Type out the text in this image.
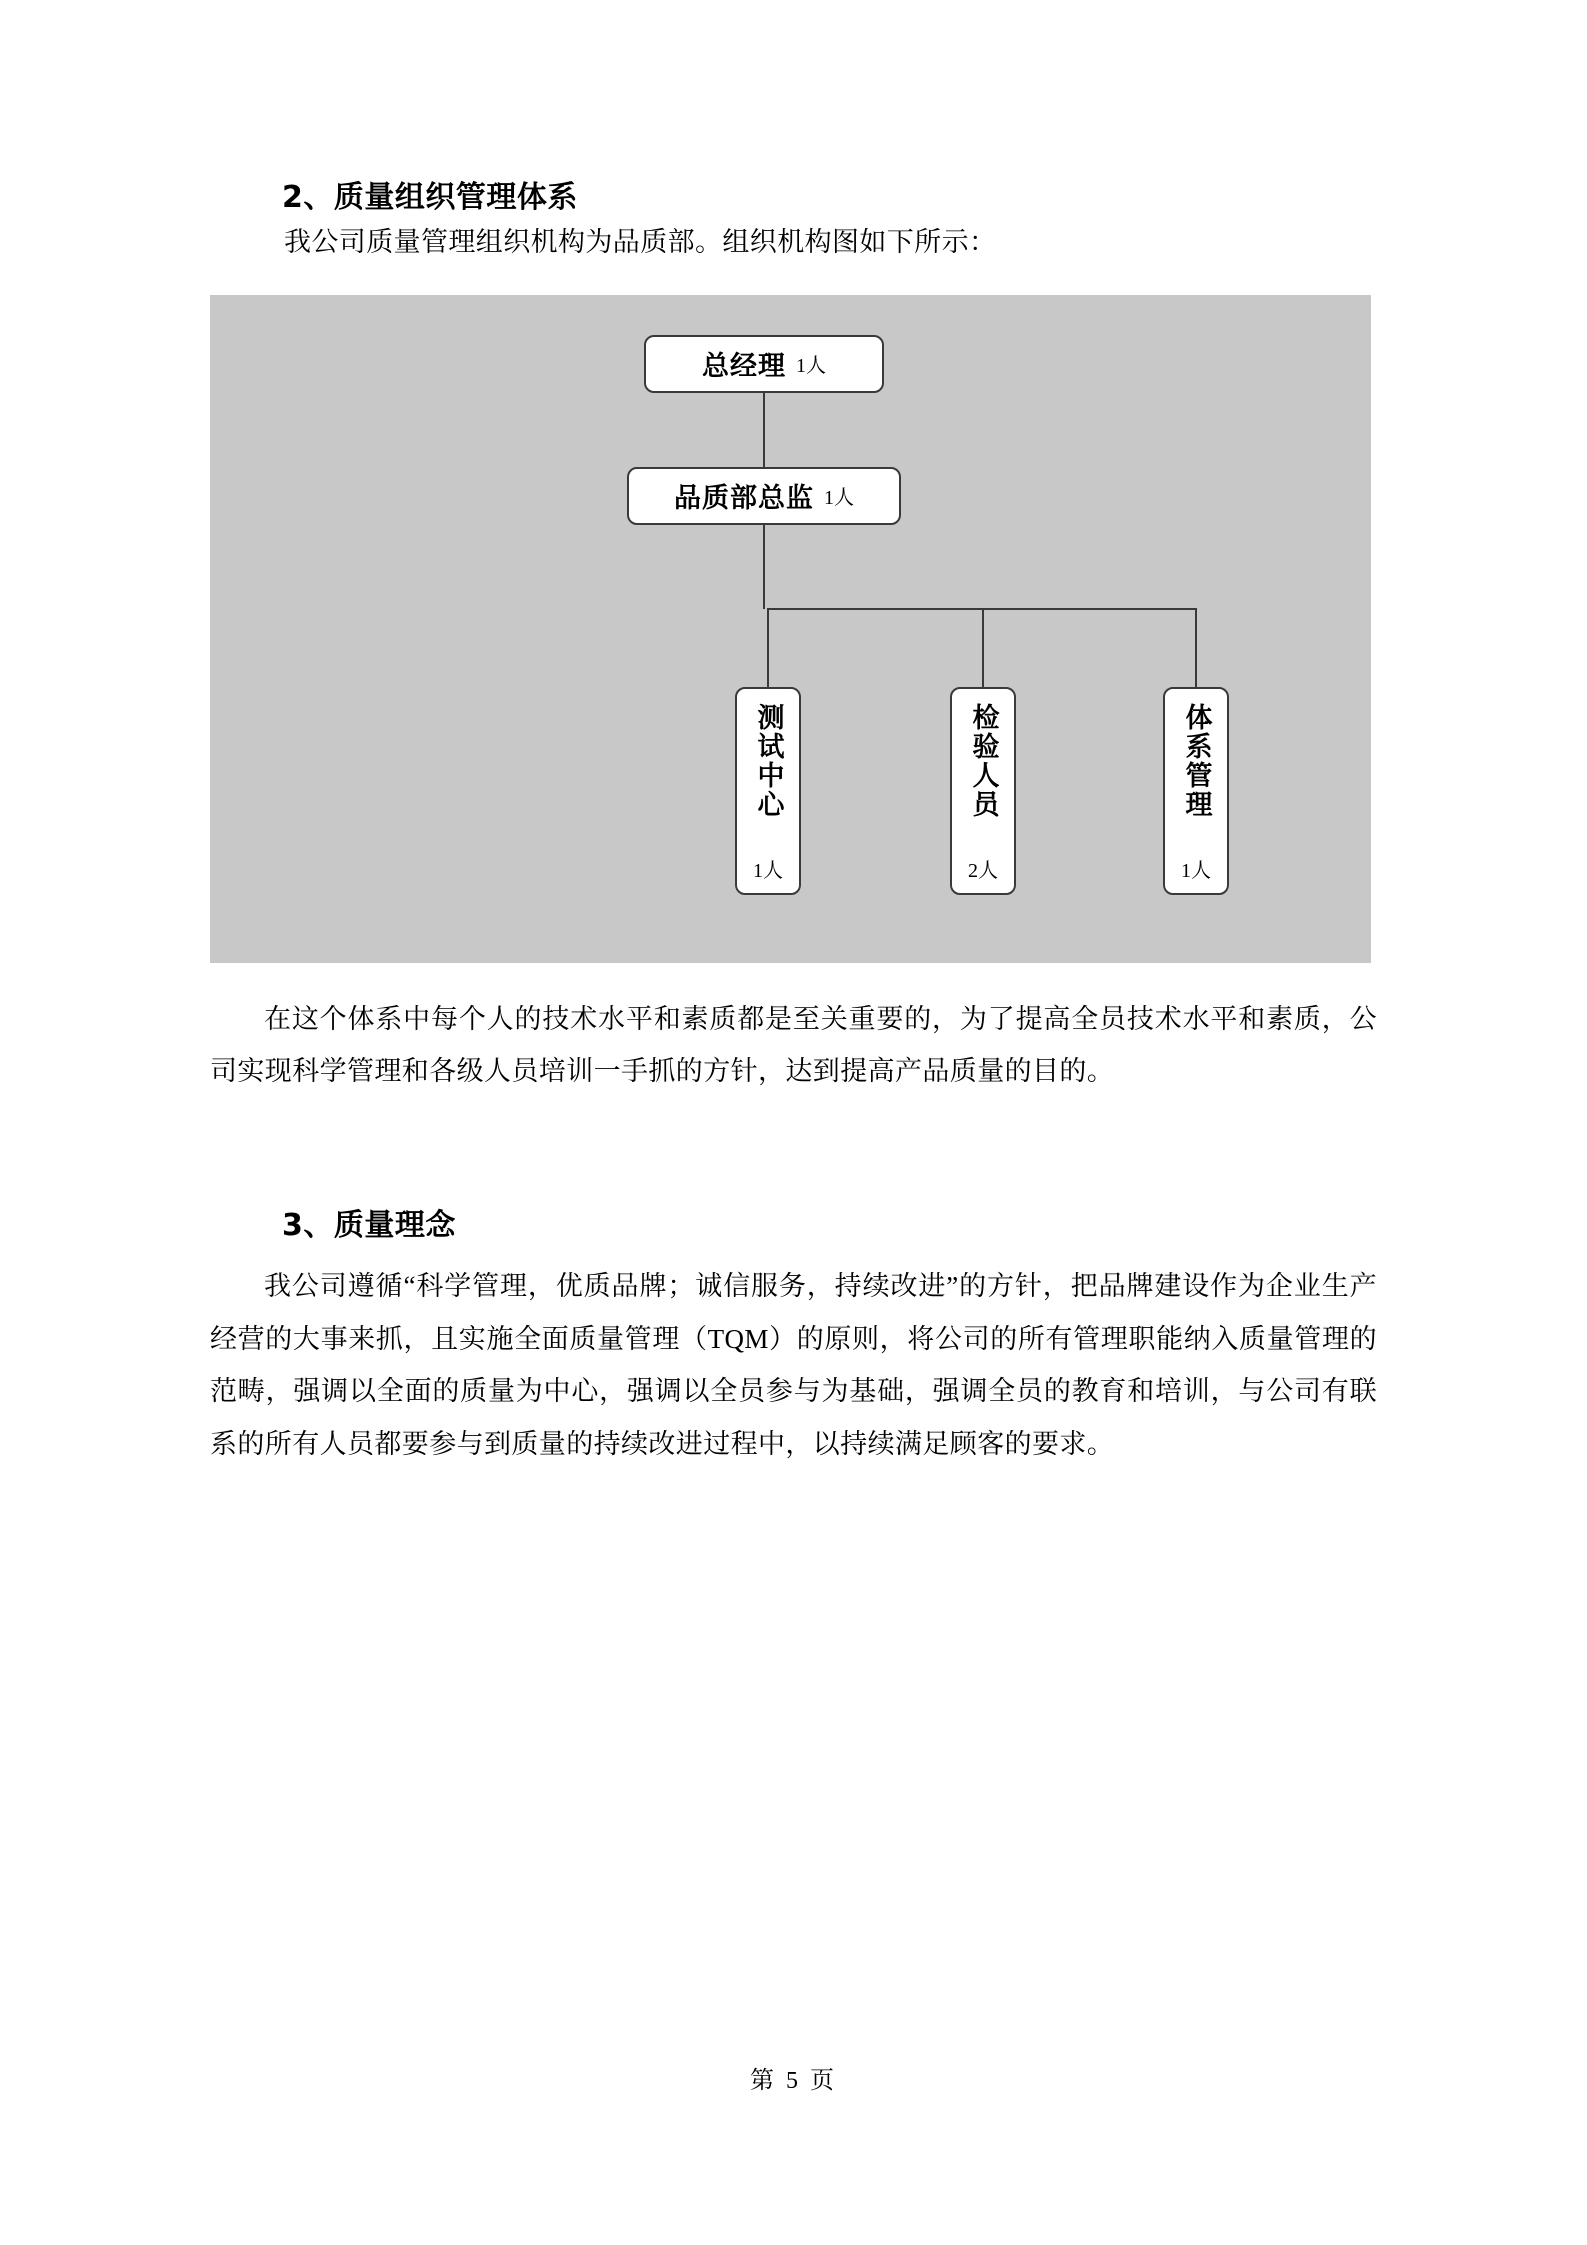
2、质量组织管理体系

我公司质量管理组织机构为品质部。组织机构图如下所示：

总经理 1人
品质部总监 1人
测试中心
1人
检验人员
2人
体系管理
1人

在这个体系中每个人的技术水平和素质都是至关重要的，为了提高全员技术水平和素质，公司实现科学管理和各级人员培训一手抓的方针，达到提高产品质量的目的。

3、质量理念

我公司遵循“科学管理，优质品牌；诚信服务，持续改进”的方针，把品牌建设作为企业生产经营的大事来抓，且实施全面质量管理（TQM）的原则，将公司的所有管理职能纳入质量管理的范畴，强调以全面的质量为中心，强调以全员参与为基础，强调全员的教育和培训，与公司有联系的所有人员都要参与到质量的持续改进过程中，以持续满足顾客的要求。

第 5 页
